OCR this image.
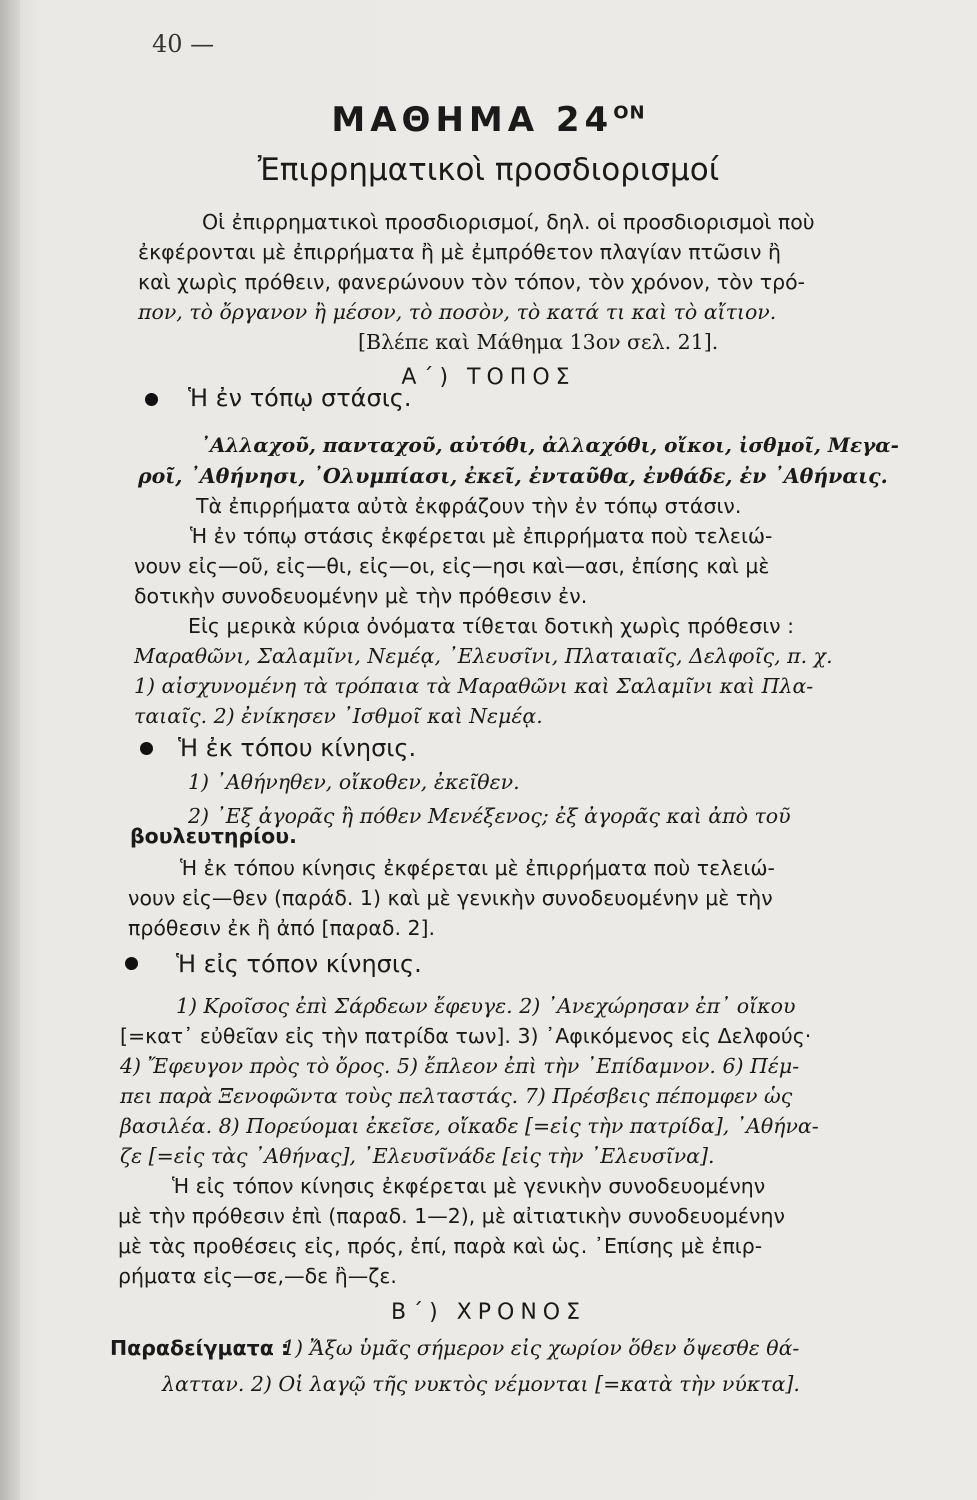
40 —
ΜΑΘΗΜΑ $24^{ON}$
Ἐπιρρηματικοὶ προσδιορισμοί
Οἱ ἐπιρρηματικοὶ προσδιορισμοί, δηλ. οἱ προσδιορισμοὶ ποὺ
ἐκφέρονται μὲ ἐπιρρήματα ἢ μὲ ἐμπρόθετον πλαγίαν πτῶσιν ἢ
καὶ χωρὶς πρόθειν, φανερώνουν τὸν τόπον, τὸν χρόνον, τὸν τρό-
πον, τὸ ὄργανον ἢ μέσον, τὸ ποσὸν, τὸ κατά τι καὶ τὸ αἴτιον.
[Βλέπε καὶ Μάθημα 13ον σελ. 21].
Α΄) ΤΟΠΟΣ
Ἡ ἐν τόπῳ στάσις.
᾿Αλλαχοῦ, πανταχοῦ, αὐτόθι, ἀλλαχόθι, οἴκοι, ἰσθμοῖ, Μεγα-
ροῖ, ᾿Αθήνησι, ᾿Ολυμπίασι, ἐκεῖ, ἐνταῦθα, ἐνθάδε, ἐν ᾿Αθήναις.
Τὰ ἐπιρρήματα αὐτὰ ἐκφράζουν τὴν ἐν τόπῳ στάσιν.
Ἡ ἐν τόπῳ στάσις ἐκφέρεται μὲ ἐπιρρήματα ποὺ τελειώ-
νουν εἰς—οῦ, εἰς—θι, εἰς—οι, εἰς—ησι καὶ—ασι, ἐπίσης καὶ μὲ
δοτικὴν συνοδευομένην μὲ τὴν πρόθεσιν ἐν.
Εἰς μερικὰ κύρια ὀνόματα τίθεται δοτικὴ χωρὶς πρόθεσιν :
Μαραθῶνι, Σαλαμῖνι, Νεμέᾳ, ᾿Ελευσῖνι, Πλαταιαῖς, Δελφοῖς, π. χ.
1) αἰσχυνομένη τὰ τρόπαια τὰ Μαραθῶνι καὶ Σαλαμῖνι καὶ Πλα-
ταιαῖς. 2) ἐνίκησεν ᾿Ισθμοῖ καὶ Νεμέᾳ.
Ἡ ἐκ τόπου κίνησις.
1) ᾿Αθήνηθεν, οἴκοθεν, ἐκεῖθεν.
2) ᾿Εξ ἀγορᾶς ἢ πόθεν Μενέξενος; ἐξ ἀγορᾶς καὶ ἀπὸ τοῦ
βουλευτηρίου.
Ἡ ἐκ τόπου κίνησις ἐκφέρεται μὲ ἐπιρρήματα ποὺ τελειώ-
νουν εἰς—θεν (παράδ. 1) καὶ μὲ γενικὴν συνοδευομένην μὲ τὴν
πρόθεσιν ἐκ ἢ ἀπό [παραδ. 2].
Ἡ εἰς τόπον κίνησις.
1) Κροῖσος ἐπὶ Σάρδεων ἔφευγε. 2) ᾿Ανεχώρησαν ἐπ᾿ οἴκου
[=κατ᾿ εὐθεῖαν εἰς τὴν πατρίδα των]. 3) ᾿Αφικόμενος εἰς Δελφούς·
4) Ἔφευγον πρὸς τὸ ὄρος. 5) ἔπλεον ἐπὶ τὴν ᾿Επίδαμνον. 6) Πέμ-
πει παρὰ Ξενοφῶντα τοὺς πελταστάς. 7) Πρέσβεις πέπομφεν ὡς
βασιλέα. 8) Πορεύομαι ἐκεῖσε, οἴκαδε [=εἰς τὴν πατρίδα], ᾿Αθήνα-
ζε [=εἰς τὰς ᾿Αθήνας], ᾿Ελευσῖνάδε [εἰς τὴν ᾿Ελευσῖνα].
Ἡ εἰς τόπον κίνησις ἐκφέρεται μὲ γενικὴν συνοδευομένην
μὲ τὴν πρόθεσιν ἐπὶ (παραδ. 1—2), μὲ αἰτιατικὴν συνοδευομένην
μὲ τὰς προθέσεις εἰς, πρός, ἐπί, παρὰ καὶ ὡς. ᾿Επίσης μὲ ἐπιρ-
ρήματα εἰς—σε,—δε ἢ—ζε.
Β΄) ΧΡΟΝΟΣ
Παραδείγματα :
1) Ἄξω ὑμᾶς σήμερον εἰς χωρίον ὅθεν ὄψεσθε θά-
λατταν. 2) Οἱ λαγῷ τῆς νυκτὸς νέμονται [=κατὰ τὴν νύκτα].
